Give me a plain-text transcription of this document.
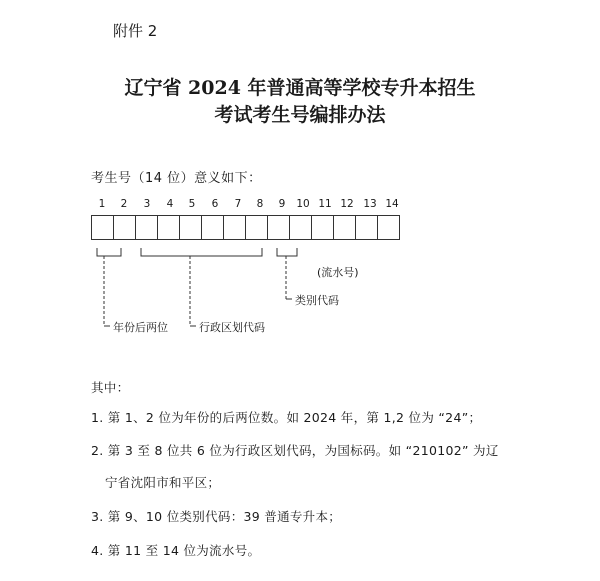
附件 2
辽宁省 2024 年普通高等学校专升本招生
考试考生号编排办法
考生号（14 位）意义如下：
1 2 3 4 5 6 7 8 9 10 11 12 13 14
(流水号)
类别代码
年份后两位	行政区划代码
其中：
1. 第 1、2 位为年份的后两位数。如 2024 年，第 1,2 位为 “24”；
2. 第 3 至 8 位共 6 位为行政区划代码，为国标码。如 “210102” 为辽
宁省沈阳市和平区；
3. 第 9、10 位类别代码：39 普通专升本；
4. 第 11 至 14 位为流水号。
